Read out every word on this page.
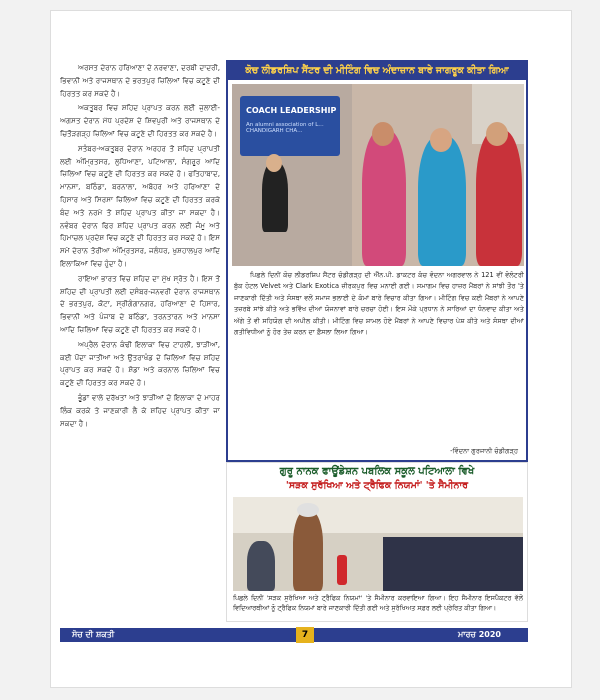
ਅਰਸਤ ਦੇਰਾਨ ਹਰਿਆਣਾ ਦੇ ਨਰਵਾਣਾ, ਦਰਬੀ ਦਾਦਰੀ, ਭਿਵਾਨੀ ਅਤੇ ਰਾਜਸਥਾਨ ਦੇ ਭਰਤਪੁਰ ਜ਼ਿਲਿਆਂ ਵਿਚ ਕਟੂਣੇ ਦੀ ਹਿਰਤਤ ਕਰ ਸਕਦੇ ਹੈ।

ਅਕਤੂਬਰ ਵਿਚ ਸ਼ਹਿਦ ਪ੍ਰਾਪਤ ਕਰਨ ਲਈ ਜੁਲਾਈ-ਅਗਸਤ ਦੇਰਾਨ ਮੱਧ ਪ੍ਰਦੇਸ਼ ਦੇ ਸ਼ਿਵਪੁਰੀ ਅਤੇ ਰਾਜਸਥਾਨ ਦੇ ਚਿਤੌੜਗੜ੍ਹ ਜ਼ਿਲਿਆਂ ਵਿਚ ਕਟੂਣੇ ਦੀ ਹਿਰਤਤ ਕਰ ਸਕਦੇ ਹੈ।

ਸਤੰਬਰ-ਅਕਤੂਬਰ ਦੇਰਾਨ ਅਰਹਰ ਤੋਂ ਸ਼ਹਿਦ ਪ੍ਰਾਪਤੀ ਲਈ ਅੰਮ੍ਰਿਤਸਰ, ਲੁਧਿਆਣਾ, ਪਟਿਆਲਾ, ਸੰਗਰੂਰ ਆਦਿ ਜ਼ਿਲਿਆਂ ਵਿਚ ਕਟੂਣੇ ਦੀ ਹਿਰਤਤ ਕਰ ਸਕਦੇ ਹੋ। ਫਤਿਹਾਬਾਦ, ਮਾਨਸਾ, ਬਠਿੰਡਾ, ਬਰਨਾਲਾ, ਅਬੋਹਰ ਅਤੇ ਹਰਿਆਣਾ ਦੇ ਹਿਸਾਰ ਅਤੇ ਸਿਰਸਾ ਜ਼ਿਲਿਆਂ ਵਿਚ ਕਟੂਣੇ ਦੀ ਹਿਰਤਤ ਕਰਕੇ ਬੰਦ ਅਤੇ ਨਰਮੇ ਤੋਂ ਸ਼ਹਿਦ ਪ੍ਰਾਪਤ ਕੀਤਾ ਜਾ ਸਕਦਾ ਹੈ। ਨਵੰਬਰ ਦੇਰਾਨ ਫਿਰ ਸ਼ਹਿਦ ਪ੍ਰਾਪਤ ਕਰਨ ਲਈ ਜੰਮੂ ਅਤੇ ਹਿਮਾਚਲ ਪ੍ਰਦੇਸ਼ ਵਿਚ ਕਟੂਣੇ ਦੀ ਹਿਰਤਤ ਕਰ ਸਕਦੇ ਹੋ। ਇਸ ਸਮੇਂ ਦੇਰਾਨ ਤੋਰੀਆ ਅੰਮ੍ਰਿਤਸਰ, ਜਲੰਧਰ, ਖੁਸ਼ਹਾਲਪੁਰ ਆਦਿ ਇਲਾਕਿਆਂ ਵਿਚ ਹੁੰਦਾ ਹੈ।

ਰਾਇਆ ਭਾਰਤ ਵਿਚ ਸ਼ਹਿਦ ਦਾ ਮੁੱਖ ਸ੍ਰੋਤ ਹੈ। ਇਸ ਤੋਂ ਸ਼ਹਿਦ ਦੀ ਪ੍ਰਾਪਤੀ ਲਈ ਦਸੰਬਰ-ਜਨਵਰੀ ਦੇਰਾਨ ਰਾਜਸਥਾਨ ਦੇ ਭਰਤਪੁਰ, ਕੋਟਾ, ਸ੍ਰੀਗੰਗਾਨਗਰ, ਹਰਿਆਣਾ ਦੇ ਹਿਸਾਰ, ਭਿਵਾਨੀ ਅਤੇ ਪੰਜਾਬ ਦੇ ਬਠਿੰਡਾ, ਤਰਨਤਾਰਨ ਅਤੇ ਮਾਨਸਾ ਆਦਿ ਜ਼ਿਲਿਆਂ ਵਿਚ ਕਟੂਣੇ ਦੀ ਹਿਰਤਤ ਕਰ ਸਕਦੇ ਹੋ।

ਅਪ੍ਰੈਲ ਦੇਰਾਨ ਕੰਢੀ ਇਲਾਕਾ ਵਿਚ ਟਾਹਲੀ, ਝਾੜੀਆਂ, ਕਈ ਪੌਦਾ ਜਾਤੀਆਂ ਅਤੇ ਉਤਰਾਖੰਡ ਦੇ ਜ਼ਿਲਿਆਂ ਵਿਚ ਸ਼ਹਿਦ ਪ੍ਰਾਪਤ ਕਰ ਸਕਦੇ ਹੋ। ਸ਼ੋਡਾ ਅਤੇ ਕਰਨਾਲ ਜ਼ਿਲਿਆਂ ਵਿਚ ਕਟੂਣੇ ਦੀ ਹਿਰਤਤ ਕਰ ਸਕਦੇ ਹੋ।

ਭੂੰਡਾਂ ਵਾਲੇ ਦਰੱਖਤਾਂ ਅਤੇ ਝਾੜੀਆਂ ਦੇ ਇਲਾਕਾ ਦੇ ਮਾਹਰ ਲਿੰਕ ਕਰਕੇ ਤੇ ਜਾਣਕਾਰੀ ਲੈ ਕੇ ਸ਼ਹਿਦ ਪ੍ਰਾਪਤ ਕੀਤਾ ਜਾ ਸਕਦਾ ਹੈ।

ਕੋਚ ਲੀਡਰਸ਼ਿਪ ਸੈਂਟਰ ਦੀ ਮੀਟਿੰਗ ਵਿਚ ਅੰਦਾਜ਼ਾਨ ਬਾਰੇ ਜਾਗਰੂਕ ਕੀਤਾ ਗਿਆ
COACH LEADERSHIP
An alumni association of L… CHANDIGARH CHA…

ਪਿਛਲੇ ਦਿਨੀਂ ਕੋਚ ਲੀਡਰਸ਼ਿਪ ਸੈਂਟਰ ਚੰਡੀਗੜ੍ਹ ਦੀ ਐੱਨ.ਪੀ. ਡਾਕਟਰ ਕੰਚ ਵੰਦਨਾ ਅਗਰਵਾਲ ਨੇ 121 ਵੀਂ ਵੋਲੰਟਰੀ ਬੁੱਕ ਹੋਟਲ Velvet ਅਤੇ Clark Exotica ਜ਼ੀਰਕਪੁਰ ਵਿਚ ਮਨਾਈ ਗਈ। ਸਮਾਗਮ ਵਿਚ ਹਾਜ਼ਰ ਮੈਂਬਰਾਂ ਨੇ ਸਾਂਝੀ ਤੌਰ 'ਤੇ ਜਾਣਕਾਰੀ ਦਿੱਤੀ ਅਤੇ ਸੰਸਥਾ ਵਲੋਂ ਸਮਾਜ ਭਲਾਈ ਦੇ ਕੰਮਾਂ ਬਾਰੇ ਵਿਚਾਰ ਕੀਤਾ ਗਿਆ। ਮੀਟਿੰਗ ਵਿਚ ਕਈ ਮੈਂਬਰਾਂ ਨੇ ਆਪਣੇ ਤਜ਼ਰਬੇ ਸਾਂਝੇ ਕੀਤੇ ਅਤੇ ਭਵਿੱਖ ਦੀਆਂ ਯੋਜਨਾਵਾਂ ਬਾਰੇ ਚਰਚਾ ਹੋਈ। ਇਸ ਮੌਕੇ ਪ੍ਰਧਾਨ ਨੇ ਸਾਰਿਆਂ ਦਾ ਧੰਨਵਾਦ ਕੀਤਾ ਅਤੇ ਅੱਗੇ ਤੋਂ ਵੀ ਸਹਿਯੋਗ ਦੀ ਅਪੀਲ ਕੀਤੀ। ਮੀਟਿੰਗ ਵਿਚ ਸ਼ਾਮਲ ਹੋਏ ਮੈਂਬਰਾਂ ਨੇ ਆਪਣੇ ਵਿਚਾਰ ਪੇਸ਼ ਕੀਤੇ ਅਤੇ ਸੰਸਥਾ ਦੀਆਂ ਗਤੀਵਿਧੀਆਂ ਨੂੰ ਹੋਰ ਤੇਜ਼ ਕਰਨ ਦਾ ਫ਼ੈਸਲਾ ਲਿਆ ਗਿਆ।

-ਵਿੰਦਨਾ ਗੁਰਜਾਨੀ ਚੰਡੀਗੜ੍ਹ
ਗੁਰੂ ਨਾਨਕ ਫਾਊਂਡੇਸ਼ਨ ਪਬਲਿਕ ਸਕੂਲ ਪਟਿਆਲਾ ਵਿਖੇ
'ਸੜਕ ਸੁਰੱਖਿਆ ਅਤੇ ਟ੍ਰੈਫਿਕ ਨਿਯਮਾਂ' 'ਤੇ ਸੈਮੀਨਾਰ
ਪਿਛਲੇ ਦਿਨੀਂ 'ਸੜਕ ਸੁਰੱਖਿਆ ਅਤੇ ਟ੍ਰੈਫਿਕ ਨਿਯਮਾਂ' 'ਤੇ ਸੈਮੀਨਾਰ ਕਰਵਾਇਆ ਗਿਆ। ਇਹ ਸੈਮੀਨਾਰ ਇਸਪੈਕਟਰ ਵੱਲੋਂ ਵਿਦਿਆਰਥੀਆਂ ਨੂੰ ਟ੍ਰੈਫਿਕ ਨਿਯਮਾਂ ਬਾਰੇ ਜਾਣਕਾਰੀ ਦਿੱਤੀ ਗਈ ਅਤੇ ਸੁਰੱਖਿਅਤ ਸਫ਼ਰ ਲਈ ਪ੍ਰੇਰਿਤ ਕੀਤਾ ਗਿਆ।
ਸੋਚ ਦੀ ਸ਼ਕਤੀ	7	ਮਾਰਚ 2020
